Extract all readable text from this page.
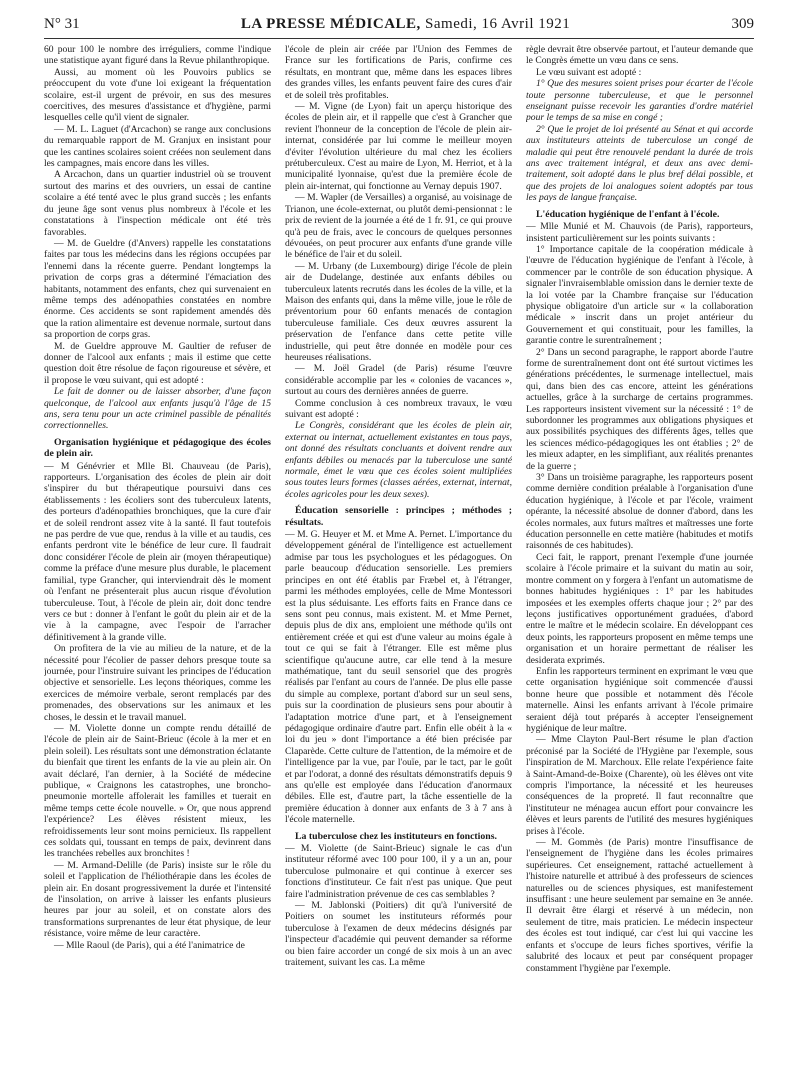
N° 31	LA PRESSE MÉDICALE, Samedi, 16 Avril 1921	309

60 pour 100 le nombre des irréguliers, comme l'indique une statistique ayant figuré dans la Revue philanthropique.

Aussi, au moment où les Pouvoirs publics se préoccupent du vote d'une loi exigeant la fréquentation scolaire, est-il urgent de prévoir, en sus des mesures coercitives, des mesures d'assistance et d'hygiène, parmi lesquelles celle qu'il vient de signaler.

— M. L. Laguet (d'Arcachon) se range aux conclusions du remarquable rapport de M. Granjux en insistant pour que les cantines scolaires soient créées non seulement dans les campagnes, mais encore dans les villes.

A Arcachon, dans un quartier industriel où se trouvent surtout des marins et des ouvriers, un essai de cantine scolaire a été tenté avec le plus grand succès ; les enfants du jeune âge sont venus plus nombreux à l'école et les constatations à l'inspection médicale ont été très favorables.

— M. de Gueldre (d'Anvers) rappelle les constatations faites par tous les médecins dans les régions occupées par l'ennemi dans la récente guerre. Pendant longtemps la privation de corps gras a déterminé l'émaciation des habitants, notamment des enfants, chez qui survenaient en même temps des adénopathies constatées en nombre énorme. Ces accidents se sont rapidement amendés dès que la ration alimentaire est devenue normale, surtout dans sa proportion de corps gras.

M. de Gueldre approuve M. Gaultier de refuser de donner de l'alcool aux enfants ; mais il estime que cette question doit être résolue de façon rigoureuse et sévère, et il propose le vœu suivant, qui est adopté :

Le fait de donner ou de laisser absorber, d'une façon quelconque, de l'alcool aux enfants jusqu'à l'âge de 15 ans, sera tenu pour un acte criminel passible de pénalités correctionnelles.

Organisation hygiénique et pédagogique des écoles de plein air.

— M Génévrier et Mlle Bl. Chauveau (de Paris), rapporteurs. L'organisation des écoles de plein air doit s'inspirer du but thérapeutique poursuivi dans ces établissements : les écoliers sont des tuberculeux latents, des porteurs d'adénopathies bronchiques, que la cure d'air et de soleil rendront assez vite à la santé. Il faut toutefois ne pas perdre de vue que, rendus à la ville et au taudis, ces enfants perdront vite le bénéfice de leur cure. Il faudrait donc considérer l'école de plein air (moyen thérapeutique) comme la préface d'une mesure plus durable, le placement familial, type Grancher, qui interviendrait dès le moment où l'enfant ne présenterait plus aucun risque d'évolution tuberculeuse. Tout, à l'école de plein air, doit donc tendre vers ce but : donner à l'enfant le goût du plein air et de la vie à la campagne, avec l'espoir de l'arracher définitivement à la grande ville.

On profitera de la vie au milieu de la nature, et de la nécessité pour l'écolier de passer dehors presque toute sa journée, pour l'instruire suivant les principes de l'éducation objective et sensorielle. Les leçons théoriques, comme les exercices de mémoire verbale, seront remplacés par des promenades, des observations sur les animaux et les choses, le dessin et le travail manuel.

— M. Violette donne un compte rendu détaillé de l'école de plein air de Saint-Brieuc (école à la mer et en plein soleil). Les résultats sont une démonstration éclatante du bienfait que tirent les enfants de la vie au plein air. On avait déclaré, l'an dernier, à la Société de médecine publique, « Craignons les catastrophes, une broncho-pneumonie mortelle affolerait les familles et tuerait en même temps cette école nouvelle. » Or, que nous apprend l'expérience? Les élèves résistent mieux, les refroidissements leur sont moins pernicieux. Ils rappellent ces soldats qui, toussant en temps de paix, devinrent dans les tranchées rebelles aux bronchites !

— M. Armand-Delille (de Paris) insiste sur le rôle du soleil et l'application de l'héliothérapie dans les écoles de plein air. En dosant progressivement la durée et l'intensité de l'insolation, on arrive à laisser les enfants plusieurs heures par jour au soleil, et on constate alors des transformations surprenantes de leur état physique, de leur résistance, voire même de leur caractère.

— Mlle Raoul (de Paris), qui a été l'animatrice de

l'école de plein air créée par l'Union des Femmes de France sur les fortifications de Paris, confirme ces résultats, en montrant que, même dans les espaces libres des grandes villes, les enfants peuvent faire des cures d'air et de soleil très profitables.

— M. Vigne (de Lyon) fait un aperçu historique des écoles de plein air, et il rappelle que c'est à Grancher que revient l'honneur de la conception de l'école de plein air-internat, considérée par lui comme le meilleur moyen d'éviter l'évolution ultérieure du mal chez les écoliers prétuberculeux. C'est au maire de Lyon, M. Herriot, et à la municipalité lyonnaise, qu'est due la première école de plein air-internat, qui fonctionne au Vernay depuis 1907.

— M. Wapler (de Versailles) a organisé, au voisinage de Trianon, une école-externat, ou plutôt demi-pensionnat : le prix de revient de la journée a été de 1 fr. 91, ce qui prouve qu'à peu de frais, avec le concours de quelques personnes dévouées, on peut procurer aux enfants d'une grande ville le bénéfice de l'air et du soleil.

— M. Urbany (de Luxembourg) dirige l'école de plein air de Dudelange, destinée aux enfants débiles ou tuberculeux latents recrutés dans les écoles de la ville, et la Maison des enfants qui, dans la même ville, joue le rôle de préventorium pour 60 enfants menacés de contagion tuberculeuse familiale. Ces deux œuvres assurent la préservation de l'enfance dans cette petite ville industrielle, qui peut être donnée en modèle pour ces heureuses réalisations.

— M. Joël Gradel (de Paris) résume l'œuvre considérable accomplie par les « colonies de vacances », surtout au cours des dernières années de guerre.

Comme conclusion à ces nombreux travaux, le vœu suivant est adopté :

Le Congrès, considérant que les écoles de plein air, externat ou internat, actuellement existantes en tous pays, ont donné des résultats concluants et doivent rendre aux enfants débiles ou menacés par la tuberculose une santé normale, émet le vœu que ces écoles soient multipliées sous toutes leurs formes (classes aérées, externat, internat, écoles agricoles pour les deux sexes).

Éducation sensorielle : principes ; méthodes ; résultats.

— M. G. Heuyer et M. et Mme A. Pernet. L'importance du développement général de l'intelligence est actuellement admise par tous les psychologues et les pédagogues. On parle beaucoup d'éducation sensorielle. Les premiers principes en ont été établis par Fræbel et, à l'étranger, parmi les méthodes employées, celle de Mme Montessori est la plus séduisante. Les efforts faits en France dans ce sens sont peu connus, mais existent. M. et Mme Pernet, depuis plus de dix ans, emploient une méthode qu'ils ont entièrement créée et qui est d'une valeur au moins égale à tout ce qui se fait à l'étranger. Elle est même plus scientifique qu'aucune autre, car elle tend à la mesure mathématique, tant du seuil sensoriel que des progrès réalisés par l'enfant au cours de l'année. De plus elle passe du simple au complexe, portant d'abord sur un seul sens, puis sur la coordination de plusieurs sens pour aboutir à l'adaptation motrice d'une part, et à l'enseignement pédagogique ordinaire d'autre part. Enfin elle obéit à la « loi du jeu » dont l'importance a été bien précisée par Claparède. Cette culture de l'attention, de la mémoire et de l'intelligence par la vue, par l'ouïe, par le tact, par le goût et par l'odorat, a donné des résultats démonstratifs depuis 9 ans qu'elle est employée dans l'éducation d'anormaux débiles. Elle est, d'autre part, la tâche essentielle de la première éducation à donner aux enfants de 3 à 7 ans à l'école maternelle.

La tuberculose chez les instituteurs en fonctions.

— M. Violette (de Saint-Brieuc) signale le cas d'un instituteur réformé avec 100 pour 100, il y a un an, pour tuberculose pulmonaire et qui continue à exercer ses fonctions d'instituteur. Ce fait n'est pas unique. Que peut faire l'administration prévenue de ces cas semblables ?

— M. Jablonski (Poitiers) dit qu'à l'université de Poitiers on soumet les instituteurs réformés pour tuberculose à l'examen de deux médecins désignés par l'inspecteur d'académie qui peuvent demander sa réforme ou bien faire accorder un congé de six mois à un an avec traitement, suivant les cas. La même

règle devrait être observée partout, et l'auteur demande que le Congrès émette un vœu dans ce sens.

Le vœu suivant est adopté :

1° Que des mesures soient prises pour écarter de l'école toute personne tuberculeuse, et que le personnel enseignant puisse recevoir les garanties d'ordre matériel pour le temps de sa mise en congé ;

2° Que le projet de loi présenté au Sénat et qui accorde aux instituteurs atteints de tuberculose un congé de maladie qui peut être renouvelé pendant la durée de trois ans avec traitement intégral, et deux ans avec demi-traitement, soit adopté dans le plus bref délai possible, et que des projets de loi analogues soient adoptés par tous les pays de langue française.

L'éducation hygiénique de l'enfant à l'école.

— Mlle Munié et M. Chauvois (de Paris), rapporteurs, insistent particulièrement sur les points suivants :

1° Importance capitale de la coopération médicale à l'œuvre de l'éducation hygiénique de l'enfant à l'école, à commencer par le contrôle de son éducation physique. A signaler l'invraisemblable omission dans le dernier texte de la loi votée par la Chambre française sur l'éducation physique obligatoire d'un article sur « la collaboration médicale » inscrit dans un projet antérieur du Gouvernement et qui constituait, pour les familles, la garantie contre le surentraînement ;

2° Dans un second paragraphe, le rapport aborde l'autre forme de surentraînement dont ont été surtout victimes les générations précédentes, le surmenage intellectuel, mais qui, dans bien des cas encore, atteint les générations actuelles, grâce à la surcharge de certains programmes. Les rapporteurs insistent vivement sur la nécessité : 1° de subordonner les programmes aux obligations physiques et aux possibilités psychiques des différents âges, telles que les sciences médico-pédagogiques les ont établies ; 2° de les mieux adapter, en les simplifiant, aux réalités prenantes de la guerre ;

3° Dans un troisième paragraphe, les rapporteurs posent comme dernière condition préalable à l'organisation d'une éducation hygiénique, à l'école et par l'école, vraiment opérante, la nécessité absolue de donner d'abord, dans les écoles normales, aux futurs maîtres et maîtresses une forte éducation personnelle en cette matière (habitudes et motifs raisonnés de ces habitudes).

Ceci fait, le rapport, prenant l'exemple d'une journée scolaire à l'école primaire et la suivant du matin au soir, montre comment on y forgera à l'enfant un automatisme de bonnes habitudes hygiéniques : 1° par les habitudes imposées et les exemples offerts chaque jour ; 2° par des leçons justificatives opportunément graduées, d'abord entre le maître et le médecin scolaire. En développant ces deux points, les rapporteurs proposent en même temps une organisation et un horaire permettant de réaliser les desiderata exprimés.

Enfin les rapporteurs terminent en exprimant le vœu que cette organisation hygiénique soit commencée d'aussi bonne heure que possible et notamment dès l'école maternelle. Ainsi les enfants arrivant à l'école primaire seraient déjà tout préparés à accepter l'enseignement hygiénique de leur maître.

— Mme Clayton Paul-Bert résume le plan d'action préconisé par la Société de l'Hygiène par l'exemple, sous l'inspiration de M. Marchoux. Elle relate l'expérience faite à Saint-Amand-de-Boixe (Charente), où les élèves ont vite compris l'importance, la nécessité et les heureuses conséquences de la propreté. Il faut reconnaître que l'instituteur ne ménagea aucun effort pour convaincre les élèves et leurs parents de l'utilité des mesures hygiéniques prises à l'école.

— M. Gommès (de Paris) montre l'insuffisance de l'enseignement de l'hygiène dans les écoles primaires supérieures. Cet enseignement, rattaché actuellement à l'histoire naturelle et attribué à des professeurs de sciences naturelles ou de sciences physiques, est manifestement insuffisant : une heure seulement par semaine en 3e année. Il devrait être élargi et réservé à un médecin, non seulement de titre, mais praticien. Le médecin inspecteur des écoles est tout indiqué, car c'est lui qui vaccine les enfants et s'occupe de leurs fiches sportives, vérifie la salubrité des locaux et peut par conséquent propager constamment l'hygiène par l'exemple.
